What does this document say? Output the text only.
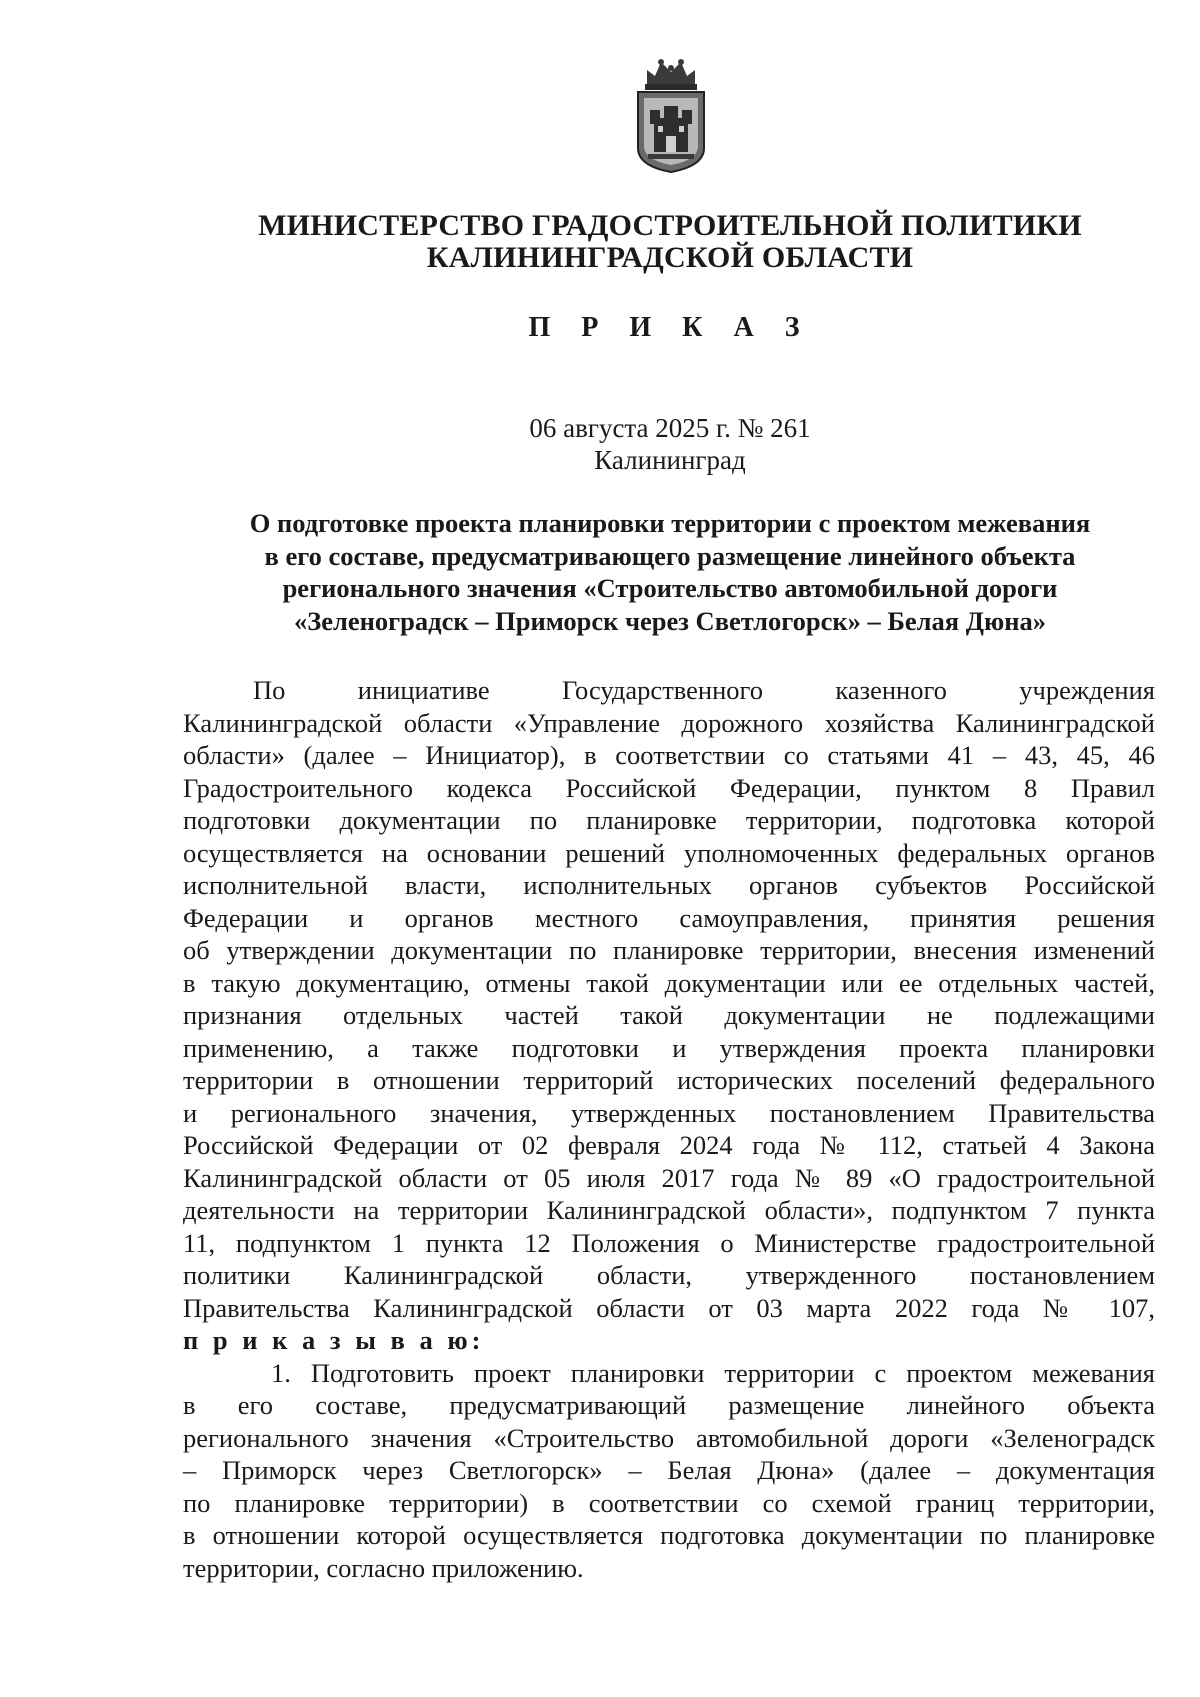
МИНИСТЕРСТВО ГРАДОСТРОИТЕЛЬНОЙ ПОЛИТИКИ
КАЛИНИНГРАДСКОЙ ОБЛАСТИ
П Р И К А З
06 августа 2025 г. № 261
Калининград
О подготовке проекта планировки территории с проектом межевания
в его составе, предусматривающего размещение линейного объекта
регионального значения «Строительство автомобильной дороги
«Зеленоградск – Приморск через Светлогорск» – Белая Дюна»
По инициативе Государственного казенного учреждения
Калининградской области «Управление дорожного хозяйства Калининградской
области» (далее – Инициатор), в соответствии со статьями 41 – 43, 45, 46
Градостроительного кодекса Российской Федерации, пунктом 8 Правил
подготовки документации по планировке территории, подготовка которой
осуществляется на основании решений уполномоченных федеральных органов
исполнительной власти, исполнительных органов субъектов Российской
Федерации и органов местного самоуправления, принятия решения
об утверждении документации по планировке территории, внесения изменений
в такую документацию, отмены такой документации или ее отдельных частей,
признания отдельных частей такой документации не подлежащими
применению, а также подготовки и утверждения проекта планировки
территории в отношении территорий исторических поселений федерального
и регионального значения, утвержденных постановлением Правительства
Российской Федерации от 02 февраля 2024 года № 112, статьей 4 Закона
Калининградской области от 05 июля 2017 года № 89 «О градостроительной
деятельности на территории Калининградской области», подпунктом 7 пункта
11, подпунктом 1 пункта 12 Положения о Министерстве градостроительной
политики Калининградской области, утвержденного постановлением
Правительства Калининградской области от 03 марта 2022 года № 107,
п р и к а з ы в а ю:
1. Подготовить проект планировки территории с проектом межевания
в его составе, предусматривающий размещение линейного объекта
регионального значения «Строительство автомобильной дороги «Зеленоградск
– Приморск через Светлогорск» – Белая Дюна» (далее – документация
по планировке территории) в соответствии со схемой границ территории,
в отношении которой осуществляется подготовка документации по планировке
территории, согласно приложению.
